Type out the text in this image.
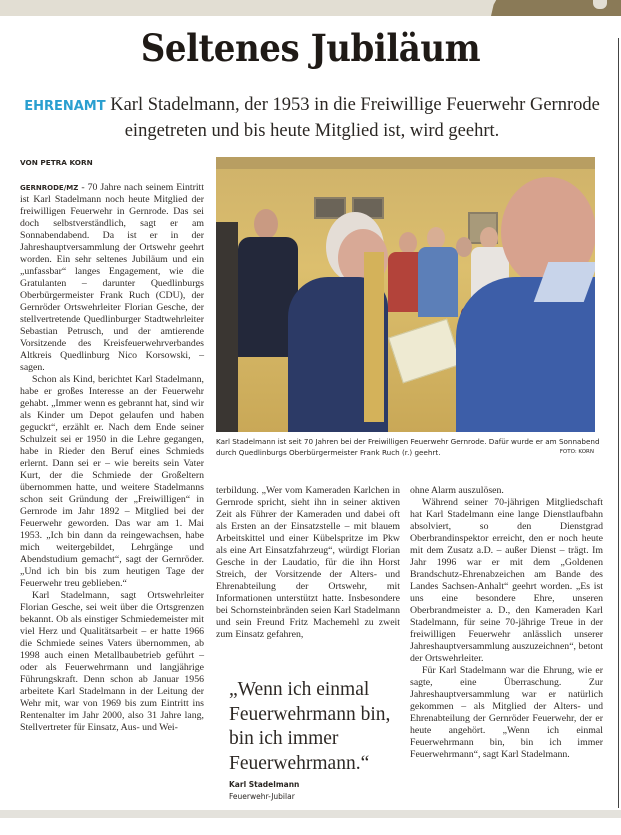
Seltenes Jubiläum
EHRENAMT Karl Stadelmann, der 1953 in die Freiwillige Feuerwehr Gernrode eingetreten und bis heute Mitglied ist, wird geehrt.
VON PETRA KORN

GERNRODE/MZ - 70 Jahre nach seinem Eintritt ist Karl Stadelmann noch heute Mitglied der freiwilligen Feuerwehr in Gernrode. Das sei doch selbstverständlich, sagt er am Sonnabendabend. Da ist er in der Jahreshauptversammlung der Ortswehr geehrt worden. Ein sehr seltenes Jubiläum und ein „unfassbar“ langes Engagement, wie die Gratulanten – darunter Quedlinburgs Oberbürgermeister Frank Ruch (CDU), der Gernröder Ortswehrleiter Florian Gesche, der stellvertretende Quedlinburger Stadtwehrleiter Sebastian Petrusch, und der amtierende Vorsitzende des Kreisfeuerwehrverbandes Altkreis Quedlinburg Nico Korsowski, – sagen.

Schon als Kind, berichtet Karl Stadelmann, habe er großes Interesse an der Feuerwehr gehabt. „Immer wenn es gebrannt hat, sind wir als Kinder um Depot gelaufen und haben geguckt“, erzählt er. Nach dem Ende seiner Schulzeit sei er 1950 in die Lehre gegangen, habe in Rieder den Beruf eines Schmieds erlernt. Dann sei er – wie bereits sein Vater Kurt, der die Schmiede der Großeltern übernommen hatte, und weitere Stadelmanns schon seit Gründung der „Freiwilligen“ in Gernrode im Jahr 1892 – Mitglied bei der Feuerwehr geworden. Das war am 1. Mai 1953. „Ich bin dann da reingewachsen, habe mich weitergebildet, Lehrgänge und Abendstudium gemacht“, sagt der Gernröder. „Und ich bin bis zum heutigen Tage der Feuerwehr treu geblieben.“

Karl Stadelmann, sagt Ortswehrleiter Florian Gesche, sei weit über die Ortsgrenzen bekannt. Ob als einstiger Schmiedemeister mit viel Herz und Qualitätsarbeit – er hatte 1966 die Schmiede seines Vaters übernommen, ab 1998 auch einen Metallbaubetrieb geführt – oder als Feuerwehrmann und langjährige Führungskraft. Denn schon ab Januar 1956 arbeitete Karl Stadelmann in der Leitung der Wehr mit, war von 1969 bis zum Eintritt ins Rentenalter im Jahr 2000, also 31 Jahre lang, Stellvertreter für Einsatz, Aus- und Wei-

Karl Stadelmann ist seit 70 Jahren bei der Freiwilligen Feuerwehr Gernrode. Dafür wurde er am Sonnabend durch Quedlinburgs Oberbürgermeister Frank Ruch (r.) geehrt.	FOTO: KORN

terbildung. „Wer vom Kameraden Karlchen in Gernrode spricht, sieht ihn in seiner aktiven Zeit als Führer der Kameraden und dabei oft als Ersten an der Einsatzstelle – mit blauem Arbeitskittel und einer Kübelspritze im Pkw als eine Art Einsatzfahrzeug“, würdigt Florian Gesche in der Laudatio, für die ihn Horst Streich, der Vorsitzende der Alters- und Ehrenabteilung der Ortswehr, mit Informationen unterstützt hatte. Insbesondere bei Schornsteinbränden seien Karl Stadelmann und sein Freund Fritz Machemehl zu zweit zum Einsatz gefahren,

„Wenn ich einmal Feuerwehrmann bin, bin ich immer Feuerwehrmann.“
Karl Stadelmann
Feuerwehr-Jubilar

ohne Alarm auszulösen.

Während seiner 70-jährigen Mitgliedschaft hat Karl Stadelmann eine lange Dienstlaufbahn absolviert, so den Dienstgrad Oberbrandinspektor erreicht, den er noch heute mit dem Zusatz a.D. – außer Dienst – trägt. Im Jahr 1996 war er mit dem „Goldenen Brandschutz-Ehrenabzeichen am Bande des Landes Sachsen-Anhalt“ geehrt worden. „Es ist uns eine besondere Ehre, unseren Oberbrandmeister a. D., den Kameraden Karl Stadelmann, für seine 70-jährige Treue in der freiwilligen Feuerwehr anlässlich unserer Jahreshauptversammlung auszuzeichnen“, betont der Ortswehrleiter.

Für Karl Stadelmann war die Ehrung, wie er sagte, eine Überraschung. Zur Jahreshauptversammlung war er natürlich gekommen – als Mitglied der Alters- und Ehrenabteilung der Gernröder Feuerwehr, der er heute angehört. „Wenn ich einmal Feuerwehrmann bin, bin ich immer Feuerwehrmann“, sagt Karl Stadelmann.
